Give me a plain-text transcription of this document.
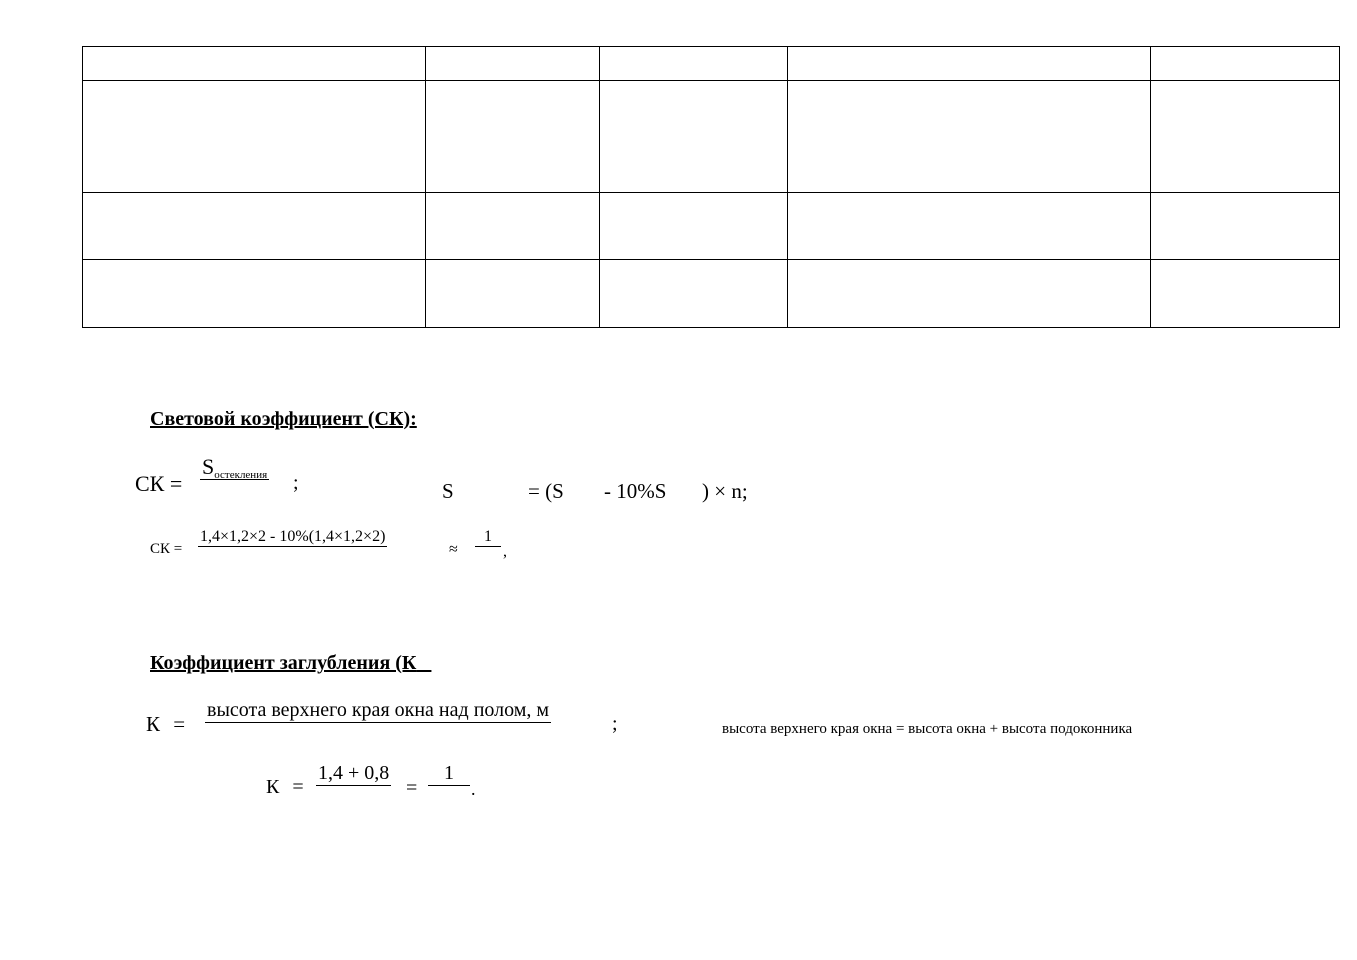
Световой коэффициент (СК):
СК =
Sостекления ;	S	= (S - 10%S ) × n;
СК =
1,4×1,2×2 - 10%(1,4×1,2×2)
≈
1
,
Коэффициент заглубления (К
К =
высота верхнего края окна над полом, м
;	высота верхнего края окна = высота окна + высота подоконника
К =
1,4 + 0,8
=
1
.
